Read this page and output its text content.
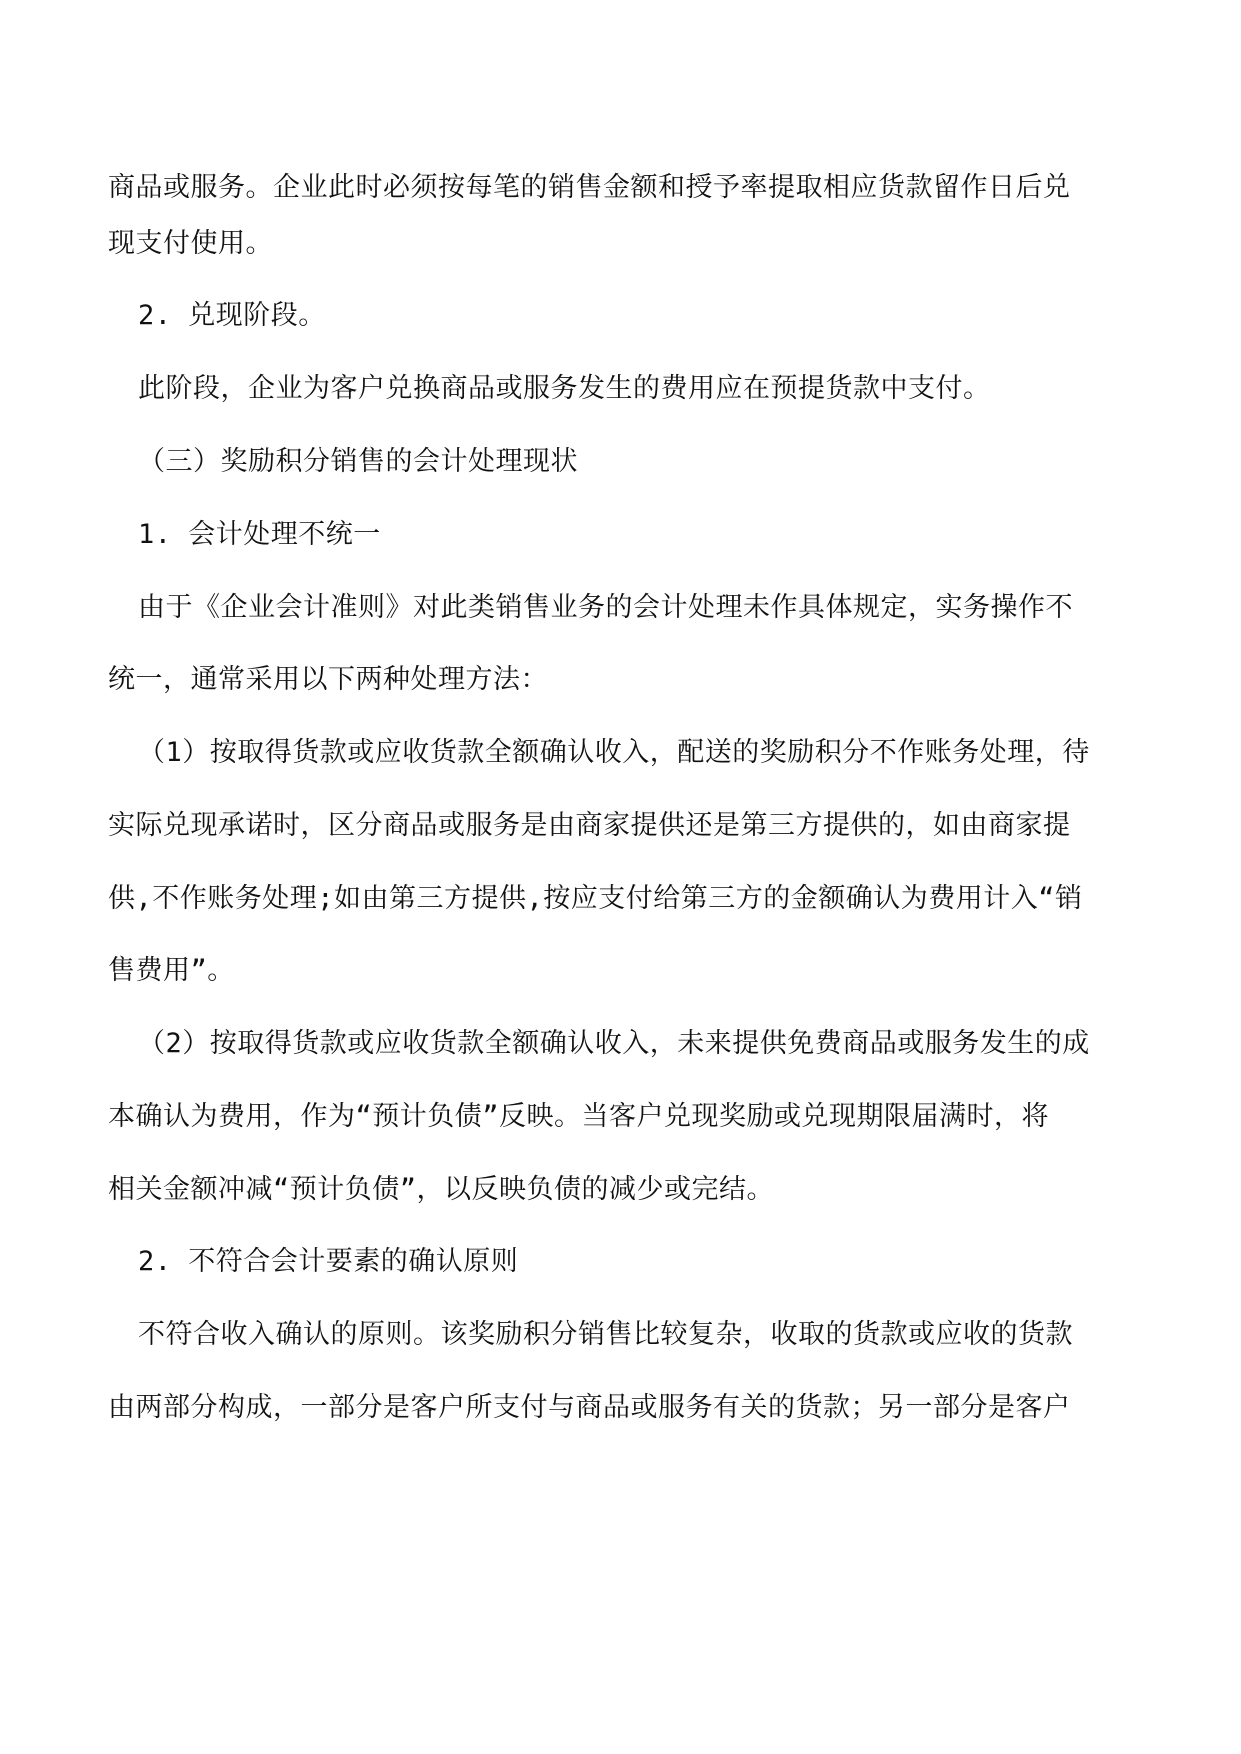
商品或服务。企业此时必须按每笔的销售金额和授予率提取相应货款留作日后兑
现支付使用。
2. 兑现阶段。
此阶段，企业为客户兑换商品或服务发生的费用应在预提货款中支付。
（三）奖励积分销售的会计处理现状
1. 会计处理不统一
由于《企业会计准则》对此类销售业务的会计处理未作具体规定，实务操作不
统一，通常采用以下两种处理方法：
（1）按取得货款或应收货款全额确认收入，配送的奖励积分不作账务处理，待
实际兑现承诺时，区分商品或服务是由商家提供还是第三方提供的，如由商家提
供,不作账务处理;如由第三方提供,按应支付给第三方的金额确认为费用计入“销
售费用”。
（2）按取得货款或应收货款全额确认收入，未来提供免费商品或服务发生的成
本确认为费用，作为“预计负债”反映。当客户兑现奖励或兑现期限届满时，将
相关金额冲减“预计负债”，以反映负债的减少或完结。
2. 不符合会计要素的确认原则
不符合收入确认的原则。该奖励积分销售比较复杂，收取的货款或应收的货款
由两部分构成，一部分是客户所支付与商品或服务有关的货款；另一部分是客户
